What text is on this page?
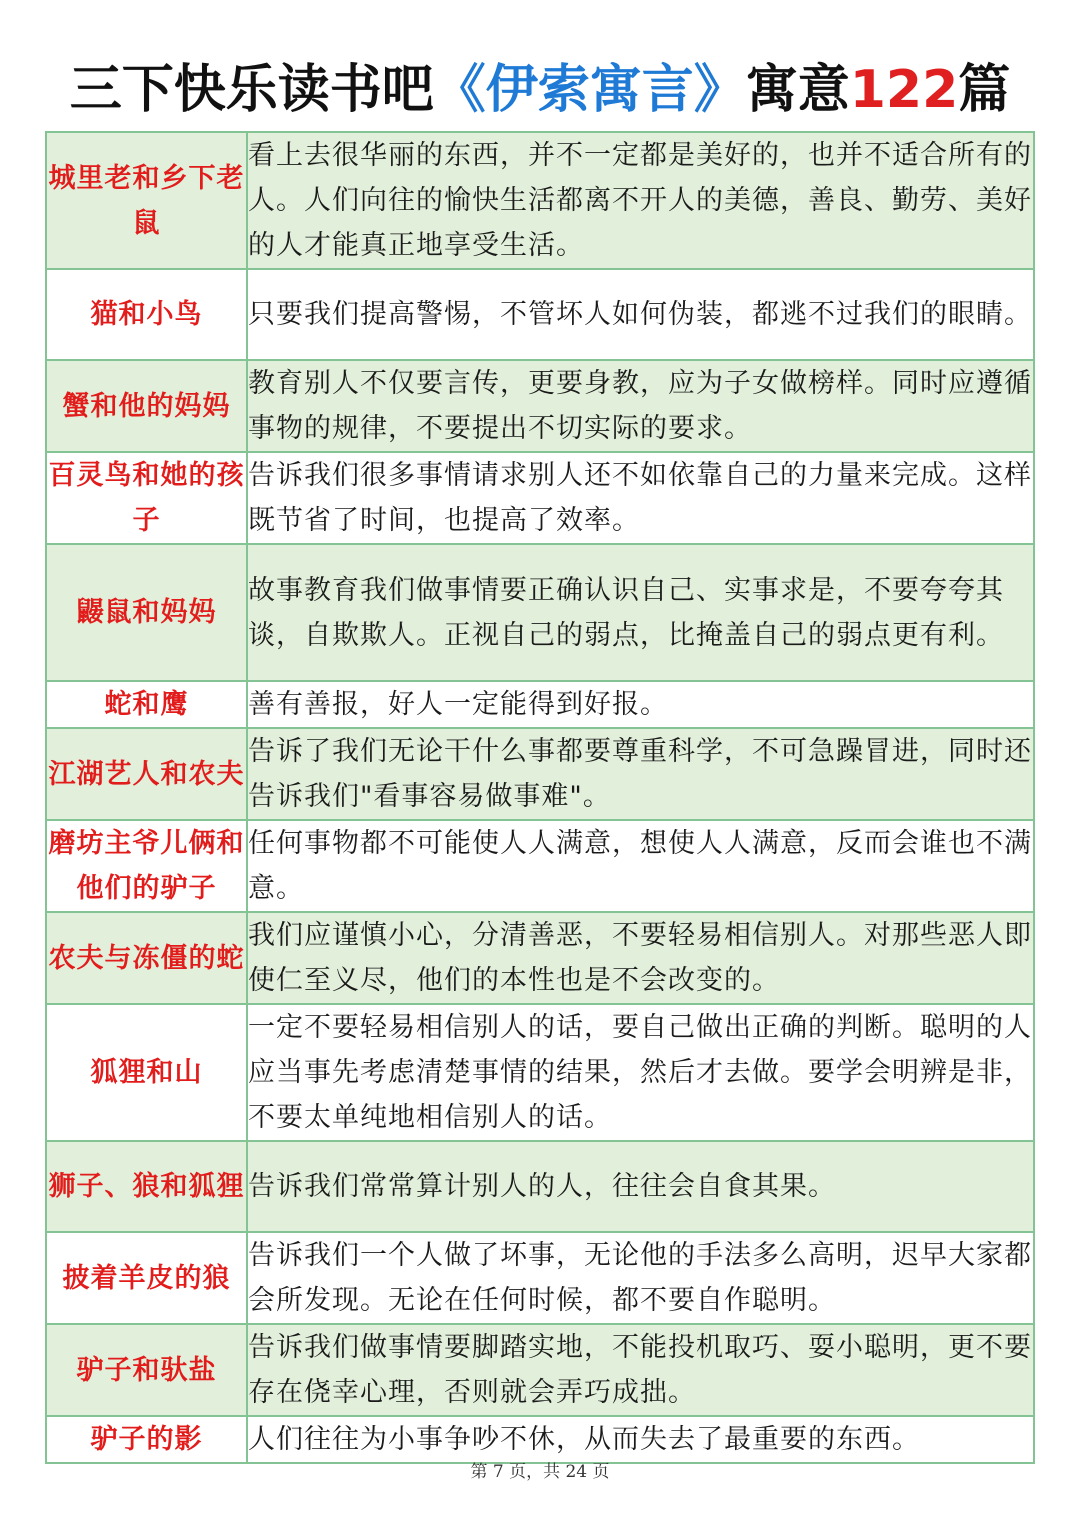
三下快乐读书吧《伊索寓言》寓意122篇
城里老和乡下老鼠	看上去很华丽的东西，并不一定都是美好的，也并不适合所有的人。人们向往的愉快生活都离不开人的美德，善良、勤劳、美好的人才能真正地享受生活。
猫和小鸟	只要我们提高警惕，不管坏人如何伪装，都逃不过我们的眼睛。
蟹和他的妈妈	教育别人不仅要言传，更要身教，应为子女做榜样。同时应遵循事物的规律，不要提出不切实际的要求。
百灵鸟和她的孩子	告诉我们很多事情请求别人还不如依靠自己的力量来完成。这样既节省了时间，也提高了效率。
鼹鼠和妈妈	故事教育我们做事情要正确认识自己、实事求是，不要夸夸其谈，自欺欺人。正视自己的弱点，比掩盖自己的弱点更有利。
蛇和鹰	善有善报，好人一定能得到好报。
江湖艺人和农夫	告诉了我们无论干什么事都要尊重科学，不可急躁冒进，同时还告诉我们"看事容易做事难"。
磨坊主爷儿俩和他们的驴子	任何事物都不可能使人人满意，想使人人满意，反而会谁也不满意。
农夫与冻僵的蛇	我们应谨慎小心，分清善恶，不要轻易相信别人。对那些恶人即使仁至义尽，他们的本性也是不会改变的。
狐狸和山	一定不要轻易相信别人的话，要自己做出正确的判断。聪明的人应当事先考虑清楚事情的结果，然后才去做。要学会明辨是非，不要太单纯地相信别人的话。
狮子、狼和狐狸	告诉我们常常算计别人的人，往往会自食其果。
披着羊皮的狼	告诉我们一个人做了坏事，无论他的手法多么高明，迟早大家都会所发现。无论在任何时候，都不要自作聪明。
驴子和驮盐	告诉我们做事情要脚踏实地，不能投机取巧、耍小聪明，更不要存在侥幸心理，否则就会弄巧成拙。
驴子的影	人们往往为小事争吵不休，从而失去了最重要的东西。
第 7 页，共 24 页
